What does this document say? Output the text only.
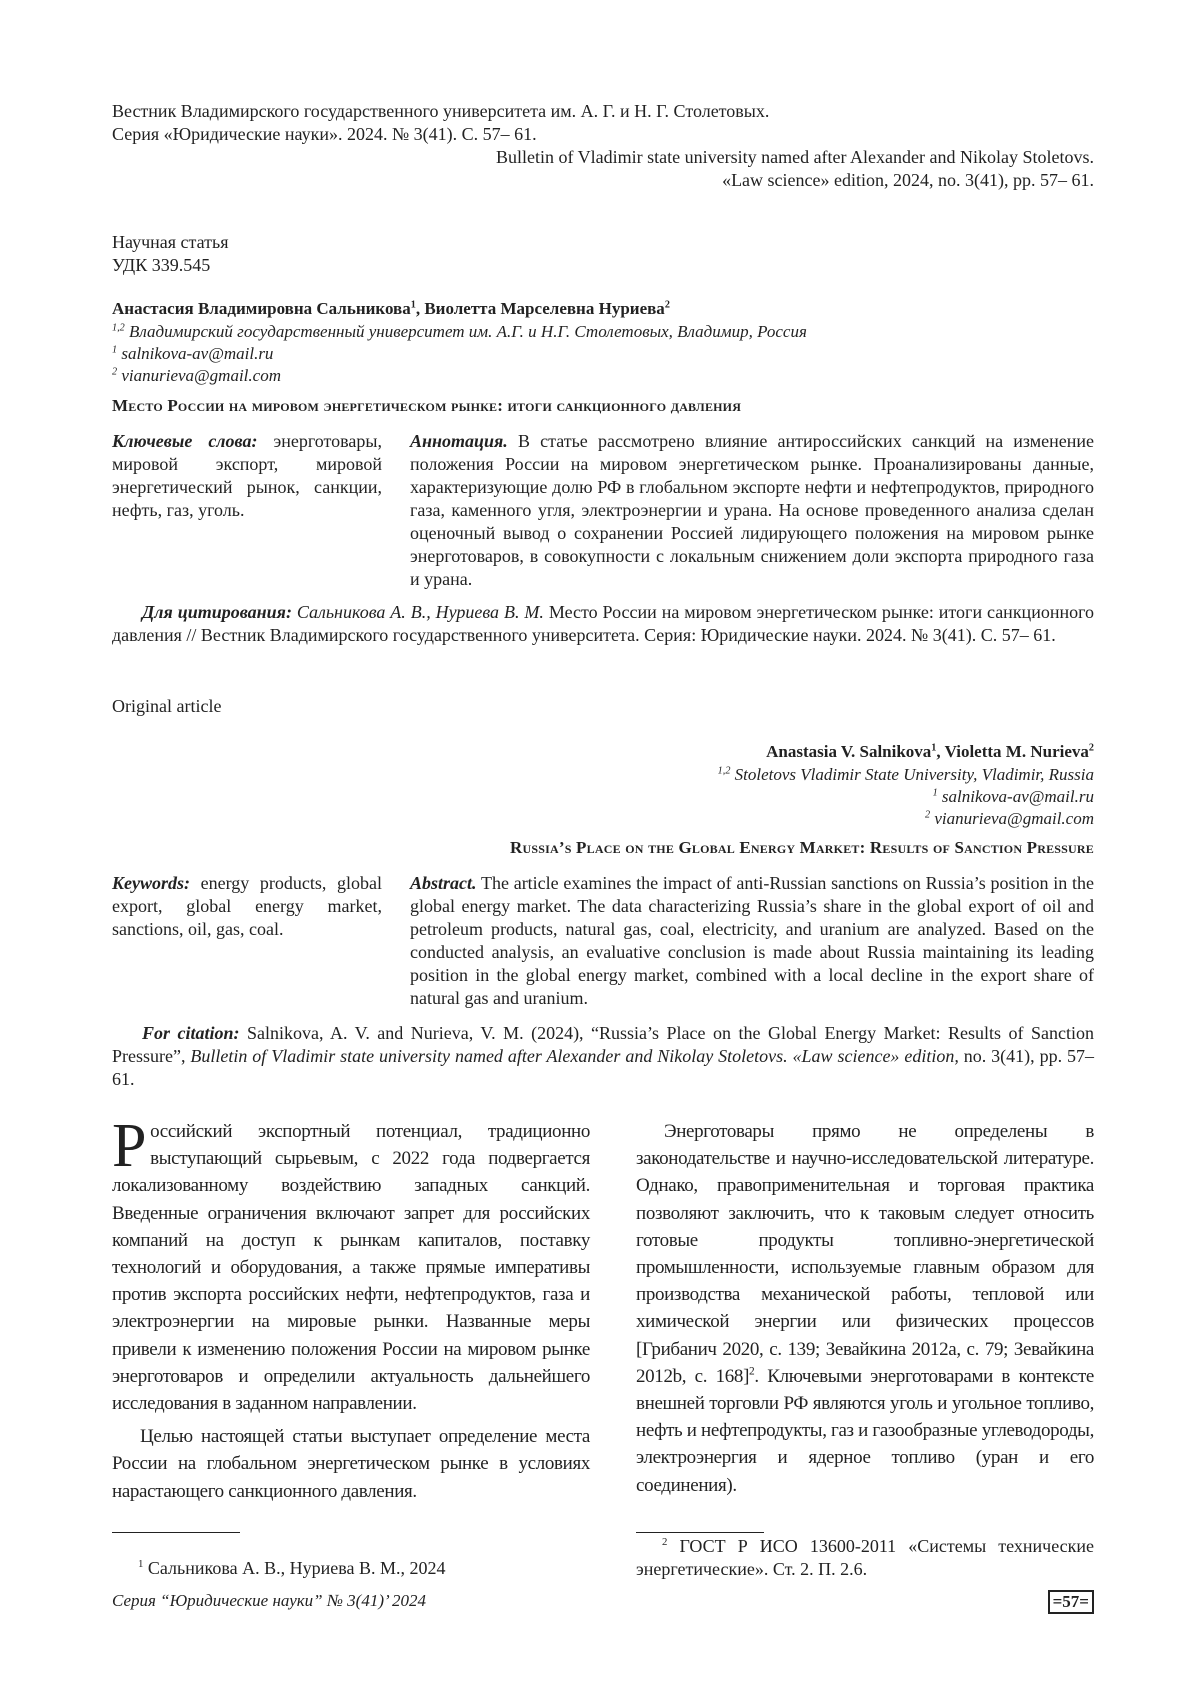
Вестник Владимирского государственного университета им. А. Г. и Н. Г. Столетовых.
Серия «Юридические науки». 2024. № 3(41). С. 57– 61.
Bulletin of Vladimir state university named after Alexander and Nikolay Stoletovs.
«Law science» edition, 2024, no. 3(41), pp. 57– 61.
Научная статья
УДК 339.545
Анастасия Владимировна Сальникова1, Виолетта Марселевна Нуриева2
1,2 Владимирский государственный университет им. А.Г. и Н.Г. Столетовых, Владимир, Россия
1 salnikova-av@mail.ru
2 vianurieva@gmail.com
Место России на мировом энергетическом рынке: итоги санкционного давления
Ключевые слова: энерготовары, мировой экспорт, мировой энергетический рынок, санкции, нефть, газ, уголь.
Аннотация. В статье рассмотрено влияние антироссийских санкций на изменение положения России на мировом энергетическом рынке. Проанализированы данные, характеризующие долю РФ в глобальном экспорте нефти и нефтепродуктов, природного газа, каменного угля, электроэнергии и урана. На основе проведенного анализа сделан оценочный вывод о сохранении Россией лидирующего положения на мировом рынке энерготоваров, в совокупности с локальным снижением доли экспорта природного газа и урана.
Для цитирования: Сальникова А. В., Нуриева В. М. Место России на мировом энергетическом рынке: итоги санкционного давления // Вестник Владимирского государственного университета. Серия: Юридические науки. 2024. № 3(41). С. 57– 61.
Original article
Anastasia V. Salnikova1, Violetta M. Nurieva2
1,2 Stoletovs Vladimir State University, Vladimir, Russia
1 salnikova-av@mail.ru
2 vianurieva@gmail.com
Russia’s Place on the Global Energy Market: Results of Sanction Pressure
Keywords: energy products, global export, global energy market, sanctions, oil, gas, coal.
Abstract. The article examines the impact of anti-Russian sanctions on Russia’s position in the global energy market. The data characterizing Russia’s share in the global export of oil and petroleum products, natural gas, coal, electricity, and uranium are analyzed. Based on the conducted analysis, an evaluative conclusion is made about Russia maintaining its leading position in the global energy market, combined with a local decline in the export share of natural gas and uranium.
For citation: Salnikova, A. V. and Nurieva, V. M. (2024), “Russia’s Place on the Global Energy Market: Results of Sanction Pressure”, Bulletin of Vladimir state university named after Alexander and Nikolay Stoletovs. «Law science» edition, no. 3(41), pp. 57–61.

Р оссийский экспортный потенциал, традиционно выступающий сырьевым, с 2022 года подвергается локализованному воздействию западных санкций. Введенные ограничения включают запрет для российских компаний на доступ к рынкам капиталов, поставку технологий и оборудования, а также прямые императивы против экспорта российских нефти, нефтепродуктов, газа и электроэнергии на мировые рынки. Названные меры привели к изменению положения России на мировом рынке энерготоваров и определили актуальность дальнейшего исследования в заданном направлении.

Целью настоящей статьи выступает определение места России на глобальном энергетическом рынке в условиях нарастающего санкционного давления.

Энерготовары прямо не определены в законодательстве и научно-исследовательской литературе. Однако, правоприменительная и торговая практика позволяют заключить, что к таковым следует относить готовые продукты топливно-энергетической промышленности, используемые главным образом для производства механической работы, тепловой или химической энергии или физических процессов [Грибанич 2020, с. 139; Зевайкина 2012a, с. 79; Зевайкина 2012b, с. 168]2. Ключевыми энерготоварами в контексте внешней торговли РФ являются уголь и угольное топливо, нефть и нефтепродукты, газ и газообразные углеводороды, электроэнергия и ядерное топливо (уран и его соединения).

1 Сальникова А. В., Нуриева В. М., 2024
2 ГОСТ Р ИСО 13600-2011 «Системы технические энергетические». Ст. 2. П. 2.6.
Серия “Юридические науки” № 3(41)’ 2024	=57=
